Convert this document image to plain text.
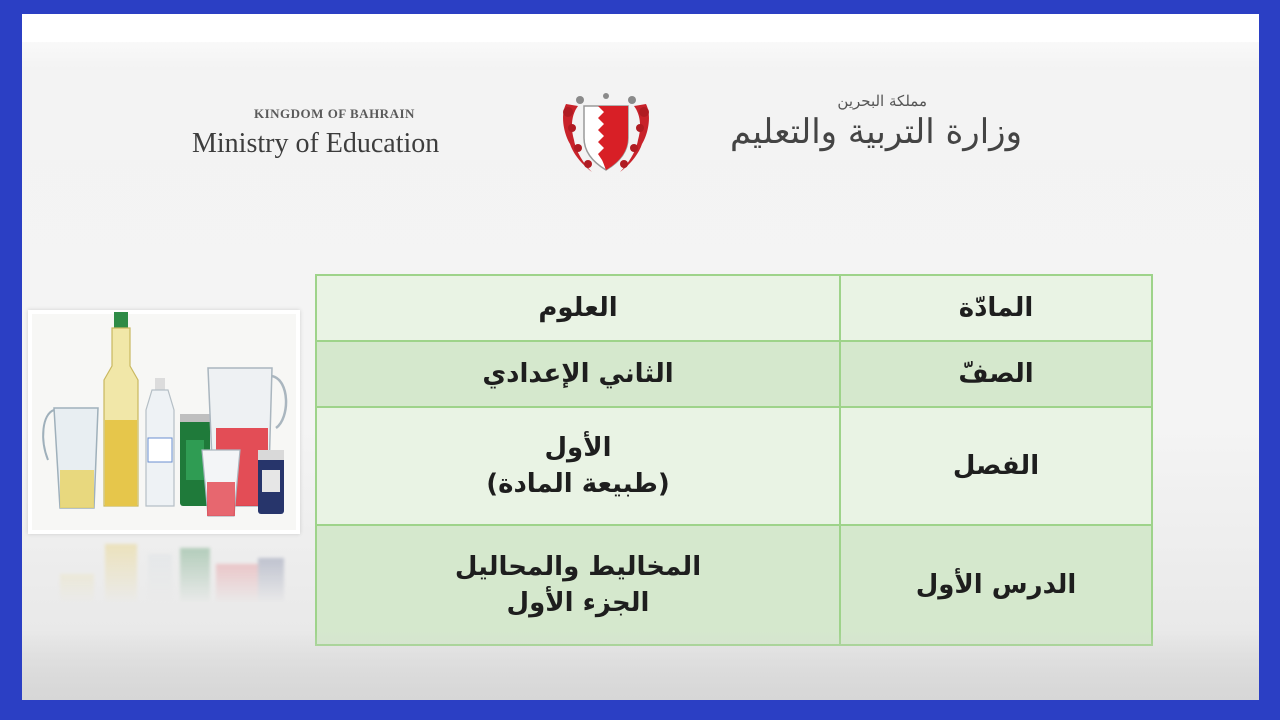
KINGDOM OF BAHRAIN
Ministry of Education
مملكة البحرين
وزارة التربية والتعليم
المادّة	العلوم

الصفّ	الثاني الإعدادي

الفصل	الأول
(طبيعة المادة)

الدرس الأول	المخاليط والمحاليل
الجزء الأول
